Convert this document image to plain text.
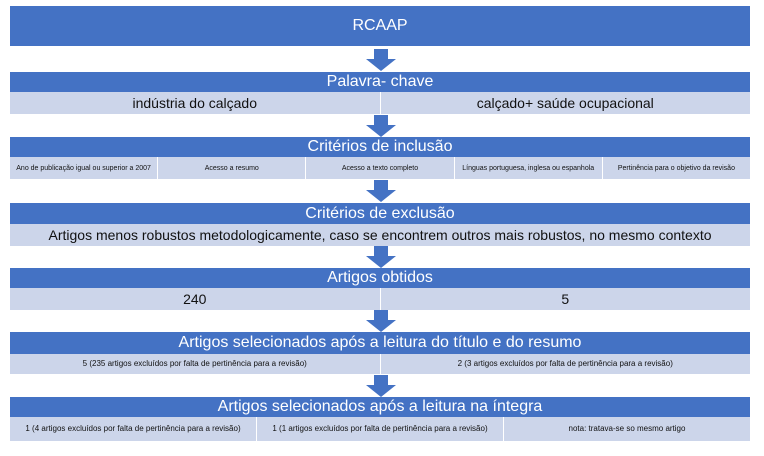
RCAAP
Palavra- chave
indústria do calçado	calçado+ saúde ocupacional
Critérios de inclusão
Ano de publicação igual ou superior a 2007	Acesso a resumo	Acesso a texto completo	Línguas portuguesa, inglesa ou espanhola	Pertinência para o objetivo da revisão
Critérios de exclusão
Artigos menos robustos metodologicamente, caso se encontrem outros mais robustos, no mesmo contexto
Artigos obtidos
240	5
Artigos selecionados após a leitura do título e do resumo
5 (235 artigos excluídos por falta de pertinência para a revisão)	2 (3 artigos excluídos por falta de pertinência para a revisão)
Artigos selecionados após a leitura na íntegra
1 (4 artigos excluídos por falta de pertinência para a revisão)	1 (1 artigos excluídos por falta de pertinência para a revisão)	nota: tratava-se so mesmo artigo
